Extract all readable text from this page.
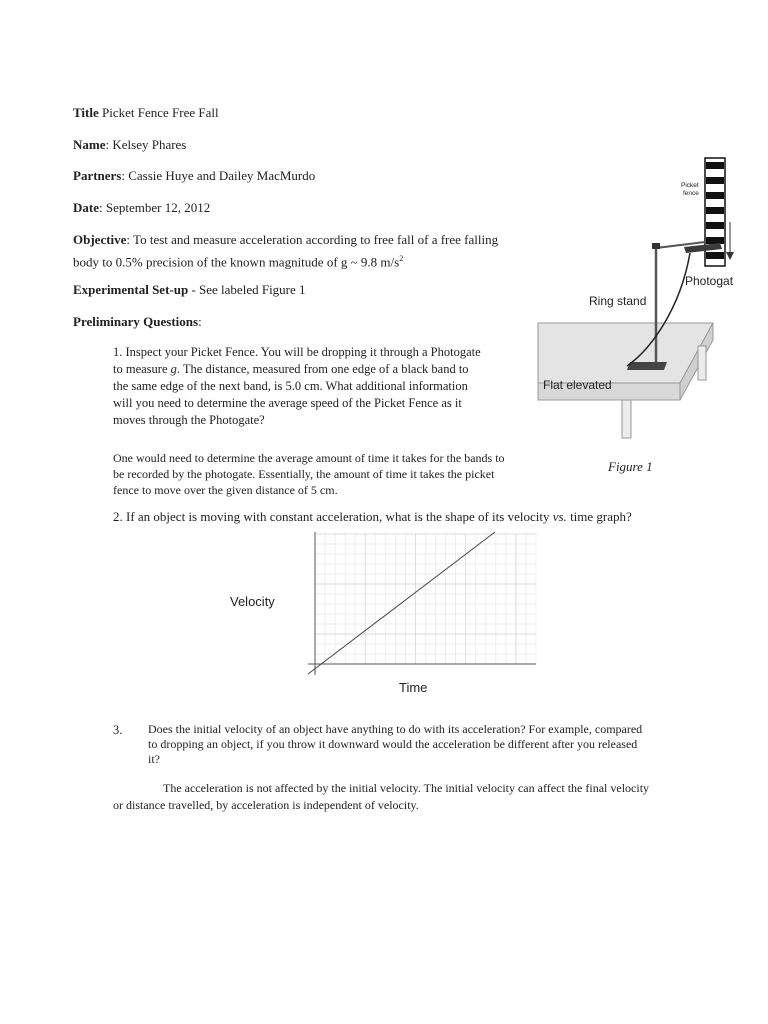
Title Picket Fence Free Fall
Name: Kelsey Phares
Partners: Cassie Huye and Dailey MacMurdo
Date: September 12, 2012
Objective: To test and measure acceleration according to free fall of a free falling
body to 0.5% precision of the known magnitude of g ~ 9.8 $m/s^2$
Experimental Set-up - See labeled Figure 1
Preliminary Questions:
Picket
fence
Photogat
Ring stand
Flat elevated
Figure 1
1. Inspect your Picket Fence. You will be dropping it through a Photogate
to measure g. The distance, measured from one edge of a black band to
the same edge of the next band, is 5.0 cm. What additional information
will you need to determine the average speed of the Picket Fence as it
moves through the Photogate?
One would need to determine the average amount of time it takes for the bands to
be recorded by the photogate. Essentially, the amount of time it takes the picket
fence to move over the given distance of 5 cm.
2. If an object is moving with constant acceleration, what is the shape of its velocity vs. time graph?
Velocity
Time
3. Does the initial velocity of an object have anything to do with its acceleration? For example, compared
to dropping an object, if you throw it downward would the acceleration be different after you released
it?
The acceleration is not affected by the initial velocity. The initial velocity can affect the final velocity
or distance travelled, by acceleration is independent of velocity.
